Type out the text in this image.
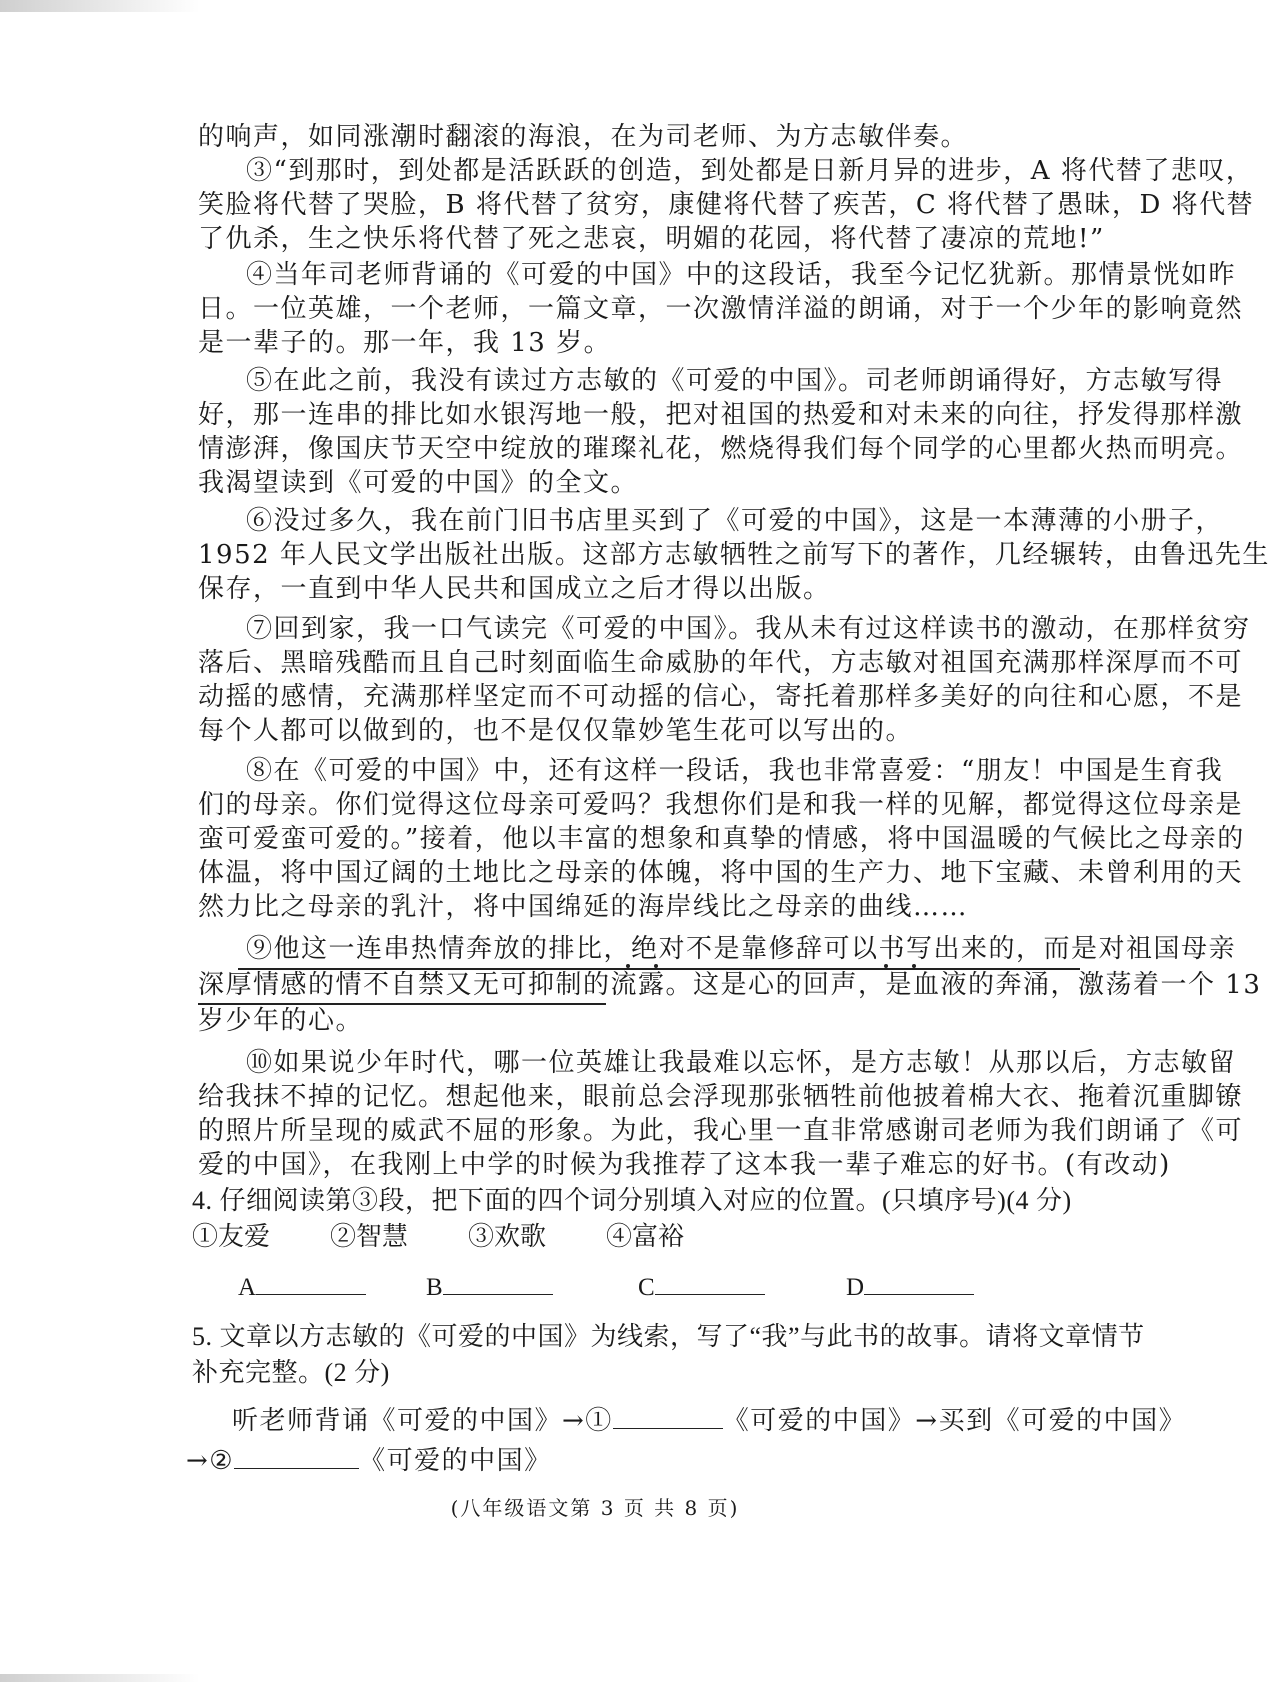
的响声，如同涨潮时翻滚的海浪，在为司老师、为方志敏伴奏。
③“到那时，到处都是活跃跃的创造，到处都是日新月异的进步，A 将代替了悲叹，
笑脸将代替了哭脸，B 将代替了贫穷，康健将代替了疾苦，C 将代替了愚昧，D 将代替
了仇杀，生之快乐将代替了死之悲哀，明媚的花园，将代替了凄凉的荒地!”
④当年司老师背诵的《可爱的中国》中的这段话，我至今记忆犹新。那情景恍如昨
日。一位英雄，一个老师，一篇文章，一次激情洋溢的朗诵，对于一个少年的影响竟然
是一辈子的。那一年，我 13 岁。
⑤在此之前，我没有读过方志敏的《可爱的中国》。司老师朗诵得好，方志敏写得
好，那一连串的排比如水银泻地一般，把对祖国的热爱和对未来的向往，抒发得那样激
情澎湃，像国庆节天空中绽放的璀璨礼花，燃烧得我们每个同学的心里都火热而明亮。
我渴望读到《可爱的中国》的全文。
⑥没过多久，我在前门旧书店里买到了《可爱的中国》，这是一本薄薄的小册子，
1952 年人民文学出版社出版。这部方志敏牺牲之前写下的著作，几经辗转，由鲁迅先生
保存，一直到中华人民共和国成立之后才得以出版。
⑦回到家，我一口气读完《可爱的中国》。我从未有过这样读书的激动，在那样贫穷
落后、黑暗残酷而且自己时刻面临生命威胁的年代，方志敏对祖国充满那样深厚而不可
动摇的感情，充满那样坚定而不可动摇的信心，寄托着那样多美好的向往和心愿，不是
每个人都可以做到的，也不是仅仅靠妙笔生花可以写出的。
⑧在《可爱的中国》中，还有这样一段话，我也非常喜爱：“朋友！中国是生育我
们的母亲。你们觉得这位母亲可爱吗？我想你们是和我一样的见解，都觉得这位母亲是
蛮可爱蛮可爱的。”接着，他以丰富的想象和真挚的情感，将中国温暖的气候比之母亲的
体温，将中国辽阔的土地比之母亲的体魄，将中国的生产力、地下宝藏、未曾利用的天
然力比之母亲的乳汁，将中国绵延的海岸线比之母亲的曲线……
⑨他这一连串热情奔放的排比，绝对不是靠修辞可以书写出来的，而是对祖国母亲
深厚情感的情不自禁又无可抑制的流露。这是心的回声，是血液的奔涌，激荡着一个 13
岁少年的心。
⑩如果说少年时代，哪一位英雄让我最难以忘怀，是方志敏！从那以后，方志敏留
给我抹不掉的记忆。想起他来，眼前总会浮现那张牺牲前他披着棉大衣、拖着沉重脚镣
的照片所呈现的威武不屈的形象。为此，我心里一直非常感谢司老师为我们朗诵了《可
爱的中国》，在我刚上中学的时候为我推荐了这本我一辈子难忘的好书。(有改动)
4. 仔细阅读第③段，把下面的四个词分别填入对应的位置。(只填序号)(4 分)
①友爱 ②智慧 ③欢歌 ④富裕
A	B	C	D
5. 文章以方志敏的《可爱的中国》为线索，写了“我”与此书的故事。请将文章情节
补充完整。(2 分)
听老师背诵《可爱的中国》→①	《可爱的中国》→买到《可爱的中国》
→②	《可爱的中国》
(八年级语文第 3 页 共 8 页)
